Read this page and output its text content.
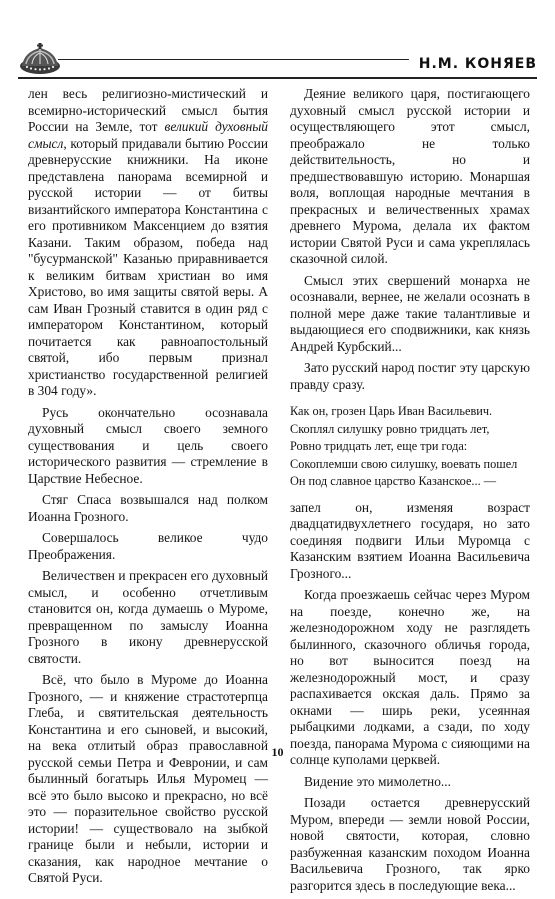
Н.М. КОНЯЕВ

лен весь религиозно-мистический и всемирно-исторический смысл бытия России на Земле, тот великий духовный смысл, который придавали бытию России древнерусские книжники. На иконе представлена панорама всемирной и русской истории — от битвы византийского императора Константина с его противником Максенцием до взятия Казани. Таким образом, победа над "бусурманской" Казанью приравнивается к великим битвам христиан во имя Христово, во имя защиты святой веры. А сам Иван Грозный ставится в один ряд с императором Константином, который почитается как равноапостольный святой, ибо первым признал христианство государственной религией в 304 году».

Русь окончательно осознавала духовный смысл своего земного существования и цель своего исторического развития — стремление в Царствие Небесное.

Стяг Спаса возвышался над полком Иоанна Грозного.

Совершалось великое чудо Преображения.

Величествен и прекрасен его духовный смысл, и особенно отчетливым становится он, когда думаешь о Муроме, превращенном по замыслу Иоанна Грозного в икону древнерусской святости.

Всё, что было в Муроме до Иоанна Грозного, — и княжение страстотерпца Глеба, и святительская деятельность Константина и его сыновей, и высокий, на века отлитый образ православной русской семьи Петра и Февронии, и сам былинный богатырь Илья Муромец — всё это было высоко и прекрасно, но всё это — поразительное свойство русской истории! — существовало на зыбкой границе были и небыли, истории и сказания, как народное мечтание о Святой Руси.

Деяние великого царя, постигающего духовный смысл русской истории и осуществляющего этот смысл, преображало не только действительность, но и предшествовавшую историю. Монаршая воля, воплощая народные мечтания в прекрасных и величественных храмах древнего Мурома, делала их фактом истории Святой Руси и сама укреплялась сказочной силой.

Смысл этих свершений монарха не осознавали, вернее, не желали осознать в полной мере даже такие талантливые и выдающиеся его сподвижники, как князь Андрей Курбский...

Зато русский народ постиг эту царскую правду сразу.

Как он, грозен Царь Иван Васильевич.
Скоплял силушку ровно тридцать лет,
Ровно тридцать лет, еще три года:
Сокоплемши свою силушку, воевать пошел
Он под славное царство Казанское... —

запел он, изменяя возраст двадцатидвухлетнего государя, но зато соединяя подвиги Ильи Муромца с Казанским взятием Иоанна Васильевича Грозного...

Когда проезжаешь сейчас через Муром на поезде, конечно же, на железнодорожном ходу не разглядеть былинного, сказочного обличья города, но вот выносится поезд на железнодорожный мост, и сразу распахивается окская даль. Прямо за окнами — ширь реки, усеянная рыбацкими лодками, а сзади, по ходу поезда, панорама Мурома с сияющими на солнце куполами церквей.

Видение это мимолетно...

Позади остается древнерусский Муром, впереди — земли новой России, новой святости, которая, словно разбуженная казанским походом Иоанна Васильевича Грозного, так ярко разгорится здесь в последующие века...

10
